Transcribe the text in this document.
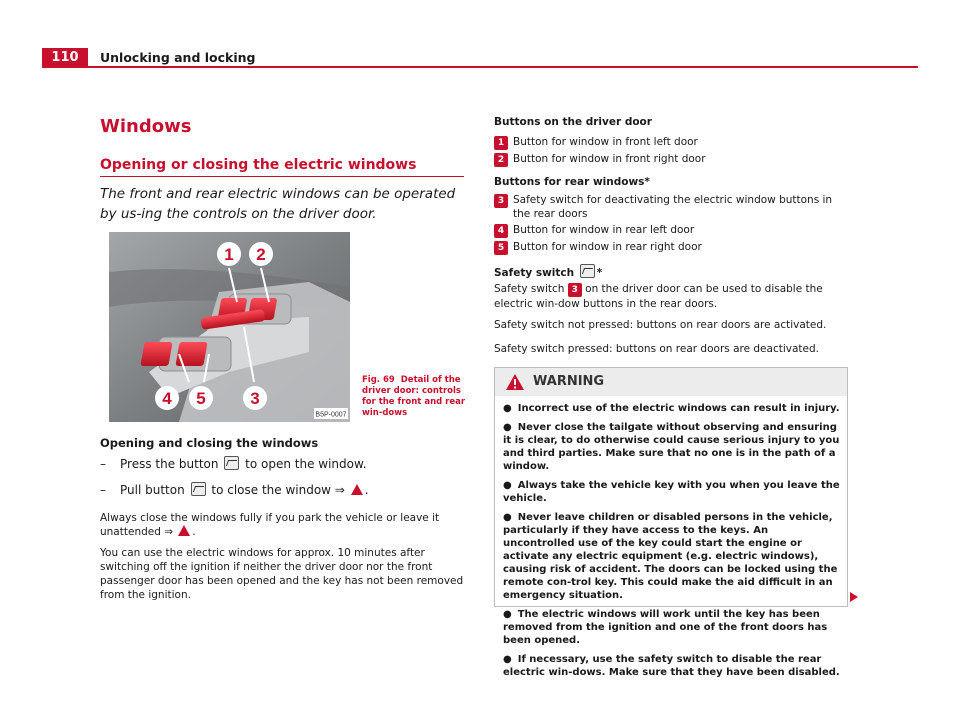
110	Unlocking and locking
Windows
Opening or closing the electric windows
The front and rear electric windows can be operated by us-ing the controls on the driver door.
1 2
4 5	3
B5P-0007
Fig. 69 Detail of the driver door: controls for the front and rear win-dows
Opening and closing the windows
– Press the button to open the window.
– Pull button to close the window ⇒ .
Always close the windows fully if you park the vehicle or leave it unattended ⇒ .
You can use the electric windows for approx. 10 minutes after switching off the ignition if neither the driver door nor the front passenger door has been opened and the key has not been removed from the ignition.
Buttons on the driver door
1 Button for window in front left door
2 Button for window in front right door
Buttons for rear windows*
3 Safety switch for deactivating the electric window buttons in the rear doors
4 Button for window in rear left door
5 Button for window in rear right door
Safety switch *
Safety switch 3 on the driver door can be used to disable the electric win-dow buttons in the rear doors.
Safety switch not pressed: buttons on rear doors are activated.
Safety switch pressed: buttons on rear doors are deactivated.
WARNING

● Incorrect use of the electric windows can result in injury.

● Never close the tailgate without observing and ensuring it is clear, to do otherwise could cause serious injury to you and third parties. Make sure that no one is in the path of a window.

● Always take the vehicle key with you when you leave the vehicle.

● Never leave children or disabled persons in the vehicle, particularly if they have access to the keys. An uncontrolled use of the key could start the engine or activate any electric equipment (e.g. electric windows), causing risk of accident. The doors can be locked using the remote con-trol key. This could make the aid difficult in an emergency situation.

● The electric windows will work until the key has been removed from the ignition and one of the front doors has been opened.

● If necessary, use the safety switch to disable the rear electric win-dows. Make sure that they have been disabled.
